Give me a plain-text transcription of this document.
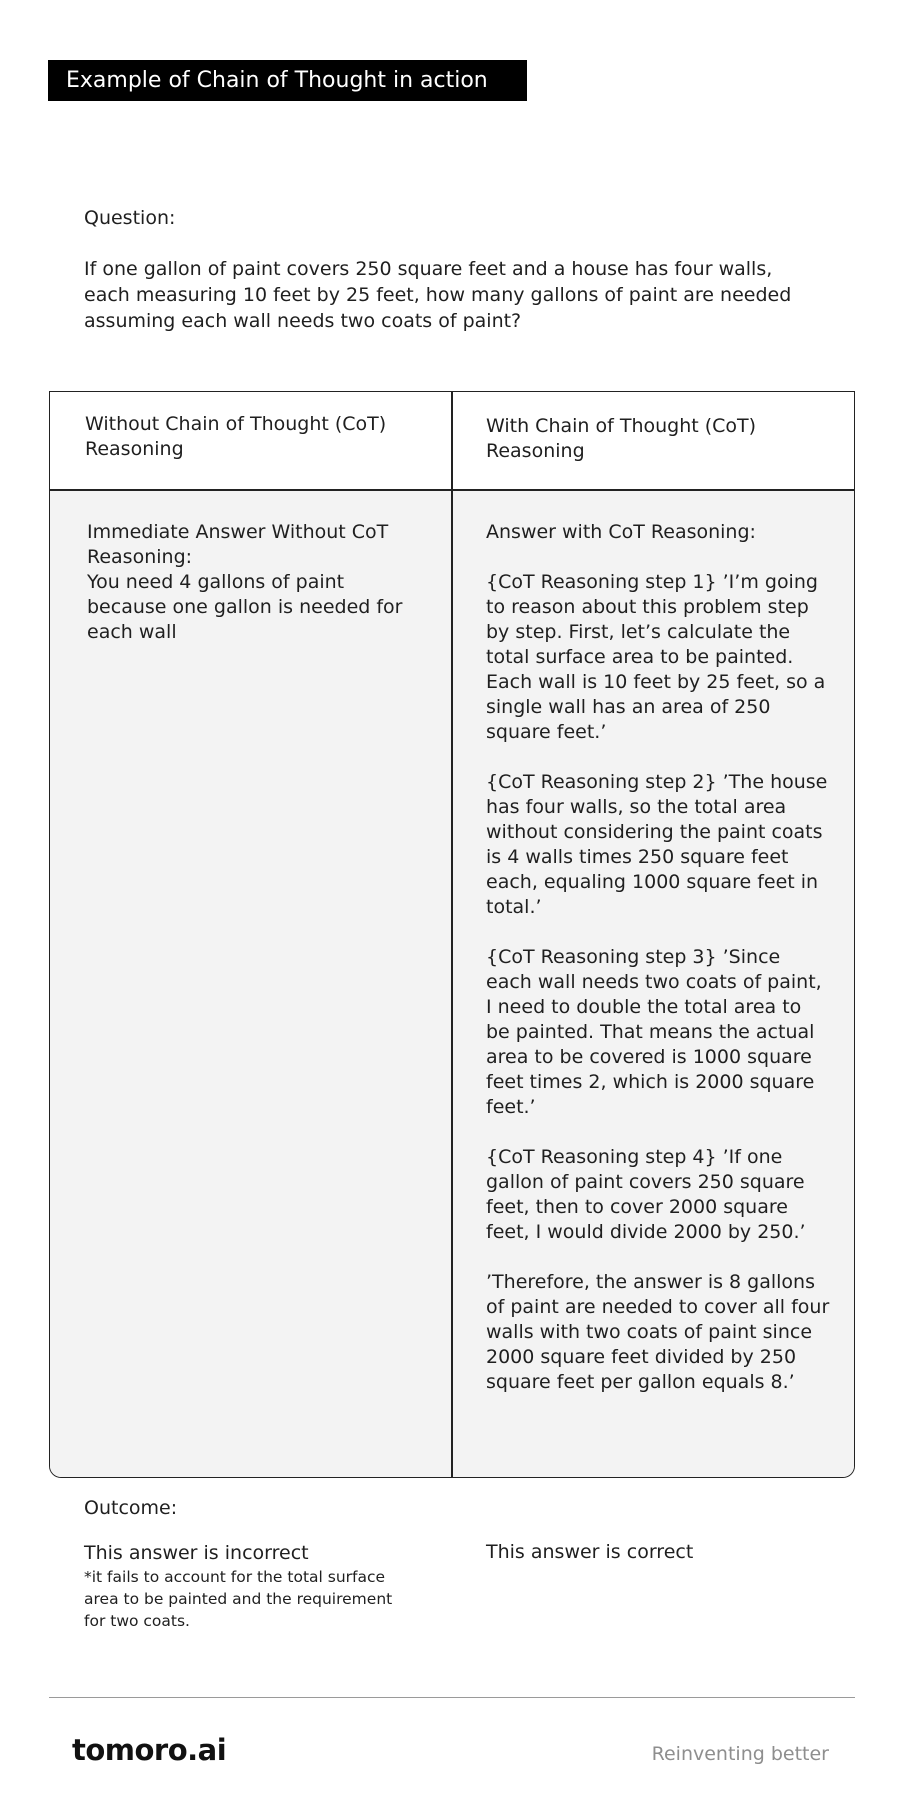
Example of Chain of Thought in action
Question:
If one gallon of paint covers 250 square feet and a house has four walls, each measuring 10 feet by 25 feet, how many gallons of paint are needed assuming each wall needs two coats of paint?
Without Chain of Thought (CoT) Reasoning
With Chain of Thought (CoT) Reasoning
Immediate Answer Without CoT Reasoning:
You need 4 gallons of paint because one gallon is needed for each wall

Answer with CoT Reasoning:

{CoT Reasoning step 1} ’I’m going to reason about this problem step by step. First, let’s calculate the total surface area to be painted. Each wall is 10 feet by 25 feet, so a single wall has an area of 250 square feet.’

{CoT Reasoning step 2} ’The house has four walls, so the total area without considering the paint coats is 4 walls times 250 square feet each, equaling 1000 square feet in total.’

{CoT Reasoning step 3} ’Since each wall needs two coats of paint, I need to double the total area to be painted. That means the actual area to be covered is 1000 square feet times 2, which is 2000 square feet.’

{CoT Reasoning step 4} ’If one gallon of paint covers 250 square feet, then to cover 2000 square feet, I would divide 2000 by 250.’

’Therefore, the answer is 8 gallons of paint are needed to cover all four walls with two coats of paint since 2000 square feet divided by 250 square feet per gallon equals 8.’

Outcome:
This answer is incorrect
*it fails to account for the total surface area to be painted and the requirement for two coats.
This answer is correct
tomoro.ai	Reinventing better
